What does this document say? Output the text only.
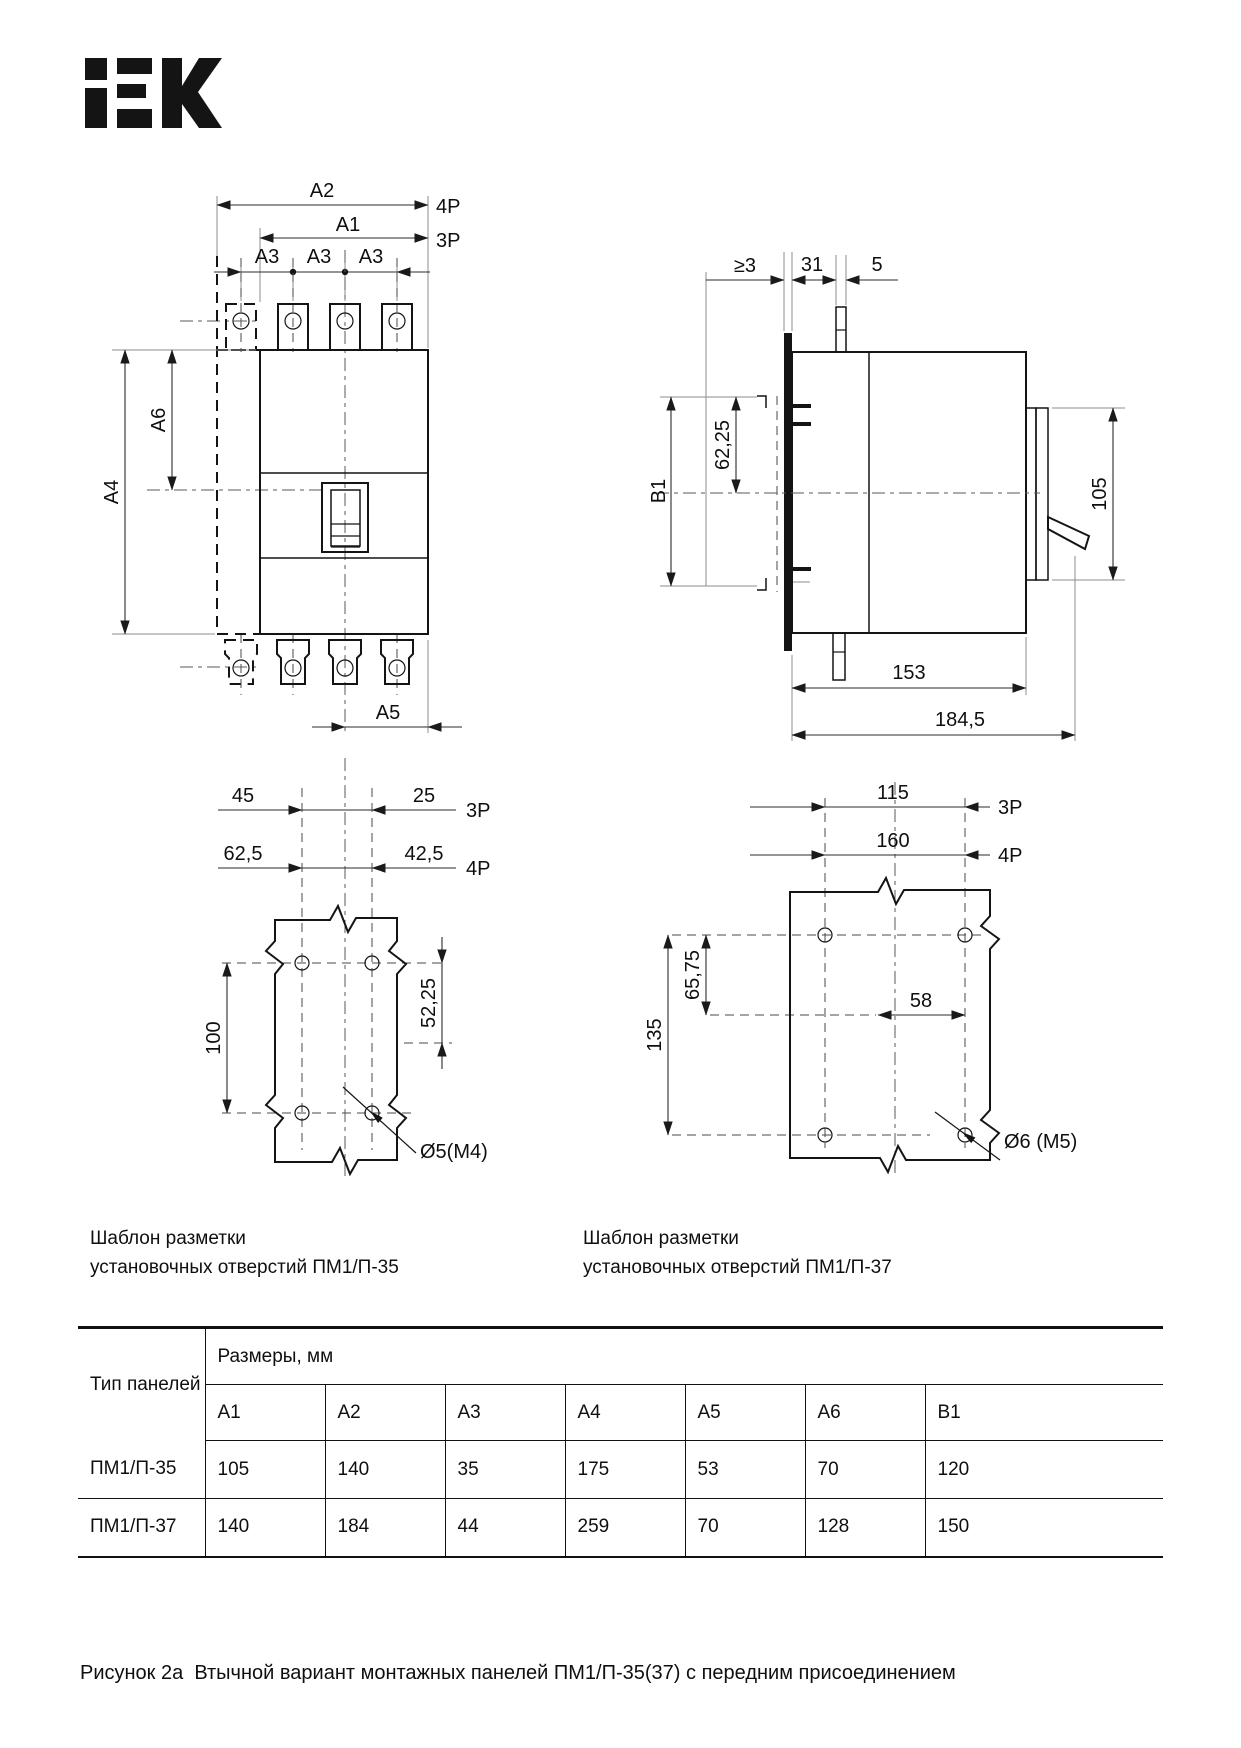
A2
4P
A1
3P
A3 A3 A3
A4
A6
A5
≥3 31 5
B1
62,25
105
153
184,5
45	25
3P
62,5	42,5
4P
100
52,25
Ø5(M4)
115
3P
160
4P
135
65,75
58
Ø6 (M5)
Шаблон разметки
установочных отверстий ПМ1/П-35
Шаблон разметки
установочных отверстий ПМ1/П-37
Тип панелей	Размеры, мм						
	A1	A2	A3	A4	A5	A6	B1
ПМ1/П-35	105	140	35	175	53	70	120
ПМ1/П-37	140	184	44	259	70	128	150
Рисунок 2а  Втычной вариант монтажных панелей ПМ1/П-35(37) с передним присоединением
